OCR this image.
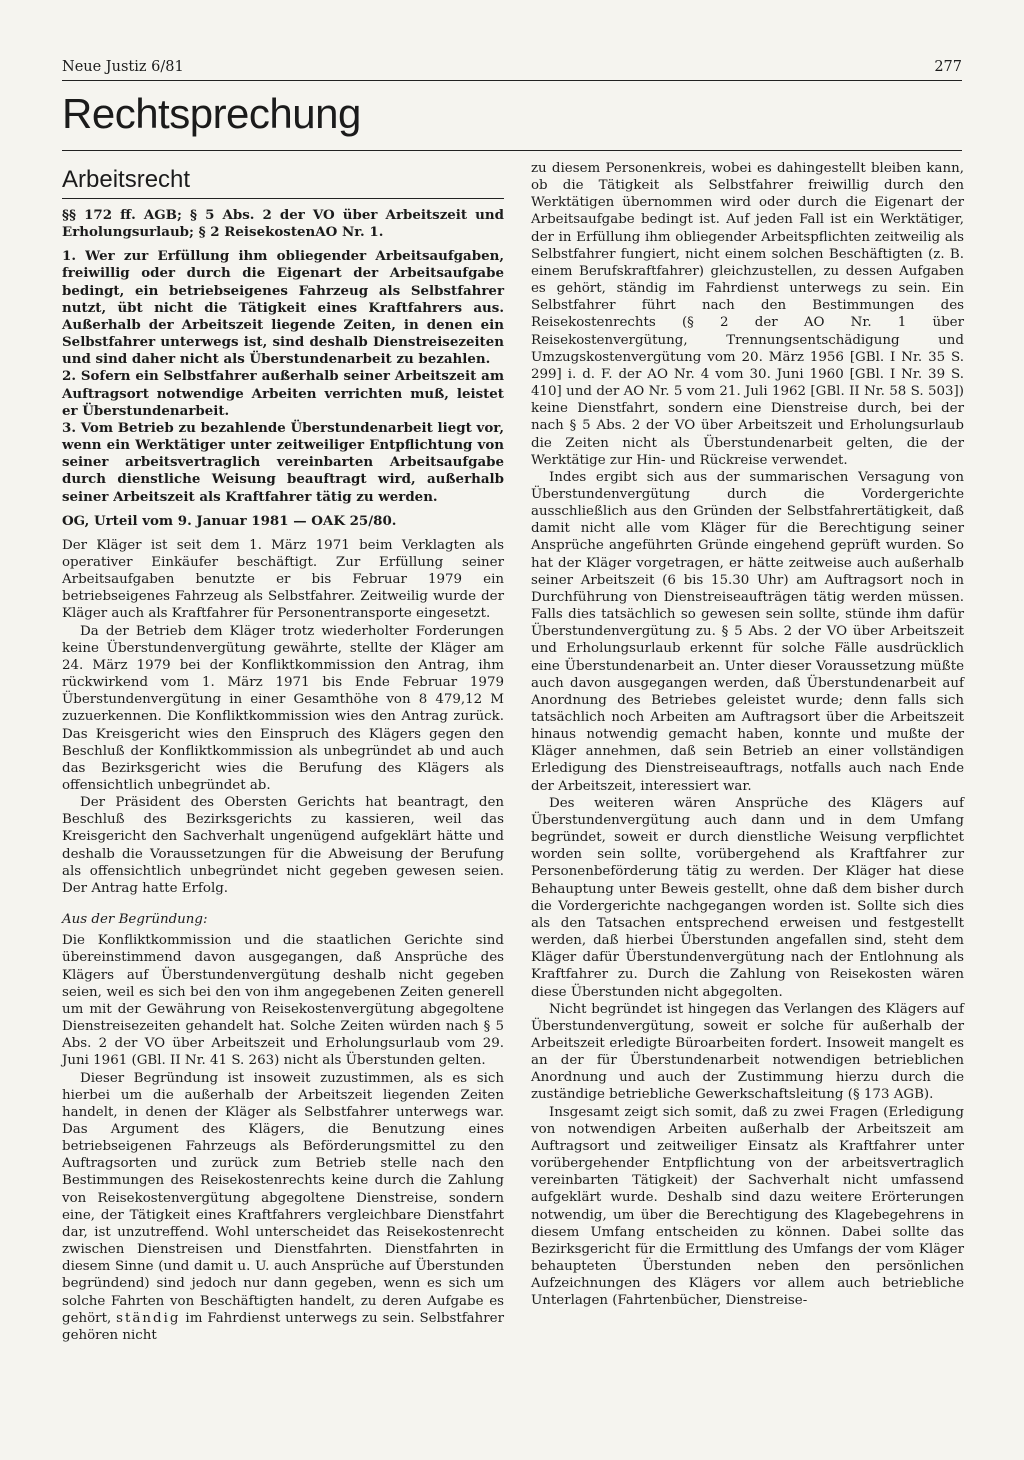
Neue Justiz 6/81	277
Rechtsprechung
Arbeitsrecht

§§ 172 ff. AGB; § 5 Abs. 2 der VO über Arbeitszeit und Erholungsurlaub; § 2 ReisekostenAO Nr. 1.

1. Wer zur Erfüllung ihm obliegender Arbeitsaufgaben, freiwillig oder durch die Eigenart der Arbeitsaufgabe bedingt, ein betriebseigenes Fahrzeug als Selbstfahrer nutzt, übt nicht die Tätigkeit eines Kraftfahrers aus. Außerhalb der Arbeitszeit liegende Zeiten, in denen ein Selbstfahrer unterwegs ist, sind deshalb Dienstreisezeiten und sind daher nicht als Überstundenarbeit zu bezahlen.

2. Sofern ein Selbstfahrer außerhalb seiner Arbeitszeit am Auftragsort notwendige Arbeiten verrichten muß, leistet er Überstundenarbeit.

3. Vom Betrieb zu bezahlende Überstundenarbeit liegt vor, wenn ein Werktätiger unter zeitweiliger Entpflichtung von seiner arbeitsvertraglich vereinbarten Arbeitsaufgabe durch dienstliche Weisung beauftragt wird, außerhalb seiner Arbeitszeit als Kraftfahrer tätig zu werden.

OG, Urteil vom 9. Januar 1981 — OAK 25/80.

Der Kläger ist seit dem 1. März 1971 beim Verklagten als operativer Einkäufer beschäftigt. Zur Erfüllung seiner Arbeitsaufgaben benutzte er bis Februar 1979 ein betriebseigenes Fahrzeug als Selbstfahrer. Zeitweilig wurde der Kläger auch als Kraftfahrer für Personentransporte eingesetzt.

Da der Betrieb dem Kläger trotz wiederholter Forderungen keine Überstundenvergütung gewährte, stellte der Kläger am 24. März 1979 bei der Konfliktkommission den Antrag, ihm rückwirkend vom 1. März 1971 bis Ende Februar 1979 Überstundenvergütung in einer Gesamthöhe von 8 479,12 M zuzuerkennen. Die Konfliktkommission wies den Antrag zurück. Das Kreisgericht wies den Einspruch des Klägers gegen den Beschluß der Konfliktkommission als unbegründet ab und auch das Bezirksgericht wies die Berufung des Klägers als offensichtlich unbegründet ab.

Der Präsident des Obersten Gerichts hat beantragt, den Beschluß des Bezirksgerichts zu kassieren, weil das Kreisgericht den Sachverhalt ungenügend aufgeklärt hätte und deshalb die Voraussetzungen für die Abweisung der Berufung als offensichtlich unbegründet nicht gegeben gewesen seien. Der Antrag hatte Erfolg.

Aus der Begründung:

Die Konfliktkommission und die staatlichen Gerichte sind übereinstimmend davon ausgegangen, daß Ansprüche des Klägers auf Überstundenvergütung deshalb nicht gegeben seien, weil es sich bei den von ihm angegebenen Zeiten generell um mit der Gewährung von Reisekostenvergütung abgegoltene Dienstreisezeiten gehandelt hat. Solche Zeiten würden nach § 5 Abs. 2 der VO über Arbeitszeit und Erholungsurlaub vom 29. Juni 1961 (GBl. II Nr. 41 S. 263) nicht als Überstunden gelten.

Dieser Begründung ist insoweit zuzustimmen, als es sich hierbei um die außerhalb der Arbeitszeit liegenden Zeiten handelt, in denen der Kläger als Selbstfahrer unterwegs war. Das Argument des Klägers, die Benutzung eines betriebseigenen Fahrzeugs als Beförderungsmittel zu den Auftragsorten und zurück zum Betrieb stelle nach den Bestimmungen des Reisekostenrechts keine durch die Zahlung von Reisekostenvergütung abgegoltene Dienstreise, sondern eine, der Tätigkeit eines Kraftfahrers vergleichbare Dienstfahrt dar, ist unzutreffend. Wohl unterscheidet das Reisekostenrecht zwischen Dienstreisen und Dienstfahrten. Dienstfahrten in diesem Sinne (und damit u. U. auch Ansprüche auf Überstunden begründend) sind jedoch nur dann gegeben, wenn es sich um solche Fahrten von Beschäftigten handelt, zu deren Aufgabe es gehört, ständig im Fahrdienst unterwegs zu sein. Selbstfahrer gehören nicht

zu diesem Personenkreis, wobei es dahingestellt bleiben kann, ob die Tätigkeit als Selbstfahrer freiwillig durch den Werktätigen übernommen wird oder durch die Eigenart der Arbeitsaufgabe bedingt ist. Auf jeden Fall ist ein Werktätiger, der in Erfüllung ihm obliegender Arbeitspflichten zeitweilig als Selbstfahrer fungiert, nicht einem solchen Beschäftigten (z. B. einem Berufskraftfahrer) gleichzustellen, zu dessen Aufgaben es gehört, ständig im Fahrdienst unterwegs zu sein. Ein Selbstfahrer führt nach den Bestimmungen des Reisekostenrechts (§ 2 der AO Nr. 1 über Reisekostenvergütung, Trennungsentschädigung und Umzugskostenvergütung vom 20. März 1956 [GBl. I Nr. 35 S. 299] i. d. F. der AO Nr. 4 vom 30. Juni 1960 [GBl. I Nr. 39 S. 410] und der AO Nr. 5 vom 21. Juli 1962 [GBl. II Nr. 58 S. 503]) keine Dienstfahrt, sondern eine Dienstreise durch, bei der nach § 5 Abs. 2 der VO über Arbeitszeit und Erholungsurlaub die Zeiten nicht als Überstundenarbeit gelten, die der Werktätige zur Hin- und Rückreise verwendet.

Indes ergibt sich aus der summarischen Versagung von Überstundenvergütung durch die Vordergerichte ausschließlich aus den Gründen der Selbstfahrertätigkeit, daß damit nicht alle vom Kläger für die Berechtigung seiner Ansprüche angeführten Gründe eingehend geprüft wurden. So hat der Kläger vorgetragen, er hätte zeitweise auch außerhalb seiner Arbeitszeit (6 bis 15.30 Uhr) am Auftragsort noch in Durchführung von Dienstreiseaufträgen tätig werden müssen. Falls dies tatsächlich so gewesen sein sollte, stünde ihm dafür Überstundenvergütung zu. § 5 Abs. 2 der VO über Arbeitszeit und Erholungsurlaub erkennt für solche Fälle ausdrücklich eine Überstundenarbeit an. Unter dieser Voraussetzung müßte auch davon ausgegangen werden, daß Überstundenarbeit auf Anordnung des Betriebes geleistet wurde; denn falls sich tatsächlich noch Arbeiten am Auftragsort über die Arbeitszeit hinaus notwendig gemacht haben, konnte und mußte der Kläger annehmen, daß sein Betrieb an einer vollständigen Erledigung des Dienstreiseauftrags, notfalls auch nach Ende der Arbeitszeit, interessiert war.

Des weiteren wären Ansprüche des Klägers auf Überstundenvergütung auch dann und in dem Umfang begründet, soweit er durch dienstliche Weisung verpflichtet worden sein sollte, vorübergehend als Kraftfahrer zur Personenbeförderung tätig zu werden. Der Kläger hat diese Behauptung unter Beweis gestellt, ohne daß dem bisher durch die Vordergerichte nachgegangen worden ist. Sollte sich dies als den Tatsachen entsprechend erweisen und festgestellt werden, daß hierbei Überstunden angefallen sind, steht dem Kläger dafür Überstundenvergütung nach der Entlohnung als Kraftfahrer zu. Durch die Zahlung von Reisekosten wären diese Überstunden nicht abgegolten.

Nicht begründet ist hingegen das Verlangen des Klägers auf Überstundenvergütung, soweit er solche für außerhalb der Arbeitszeit erledigte Büroarbeiten fordert. Insoweit mangelt es an der für Überstundenarbeit notwendigen betrieblichen Anordnung und auch der Zustimmung hierzu durch die zuständige betriebliche Gewerkschaftsleitung (§ 173 AGB).

Insgesamt zeigt sich somit, daß zu zwei Fragen (Erledigung von notwendigen Arbeiten außerhalb der Arbeitszeit am Auftragsort und zeitweiliger Einsatz als Kraftfahrer unter vorübergehender Entpflichtung von der arbeitsvertraglich vereinbarten Tätigkeit) der Sachverhalt nicht umfassend aufgeklärt wurde. Deshalb sind dazu weitere Erörterungen notwendig, um über die Berechtigung des Klagebegehrens in diesem Umfang entscheiden zu können. Dabei sollte das Bezirksgericht für die Ermittlung des Umfangs der vom Kläger behaupteten Überstunden neben den persönlichen Aufzeichnungen des Klägers vor allem auch betriebliche Unterlagen (Fahrtenbücher, Dienstreise-
